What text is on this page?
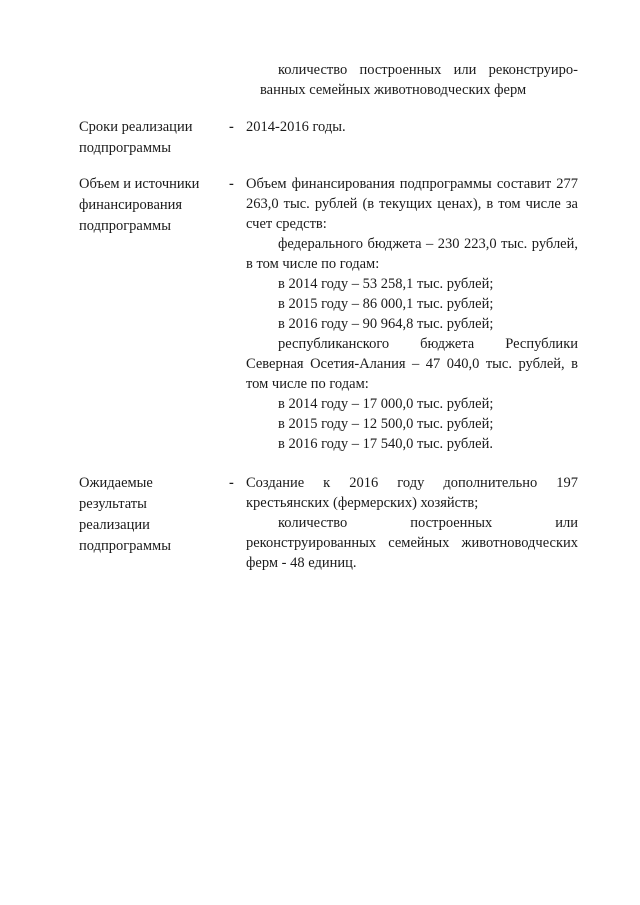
количество построенных или реконструиро-

ванных семейных животноводческих ферм

Сроки реализации подпрограммы
- 2014-2016 годы.
Объем и источники финансирования подпрограммы
- Объем финансирования подпрограммы составит 277 263,0 тыс. рублей (в текущих ценах), в том числе за счет средств:

федерального бюджета – 230 223,0 тыс. рублей, в том числе по годам:

в 2014 году – 53 258,1 тыс. рублей;

в 2015 году – 86 000,1 тыс. рублей;

в 2016 году – 90 964,8 тыс. рублей;

республиканского бюджета Республики Северная Осетия-Алания – 47 040,0 тыс. рублей, в том числе по годам:

в 2014 году – 17 000,0 тыс. рублей;

в 2015 году – 12 500,0 тыс. рублей;

в 2016 году – 17 540,0 тыс. рублей.

Ожидаемые результаты реализации подпрограммы
- Создание к 2016 году дополнительно 197 крестьянских (фермерских) хозяйств;

количество построенных или

реконструированных семейных животноводческих ферм - 48 единиц.
